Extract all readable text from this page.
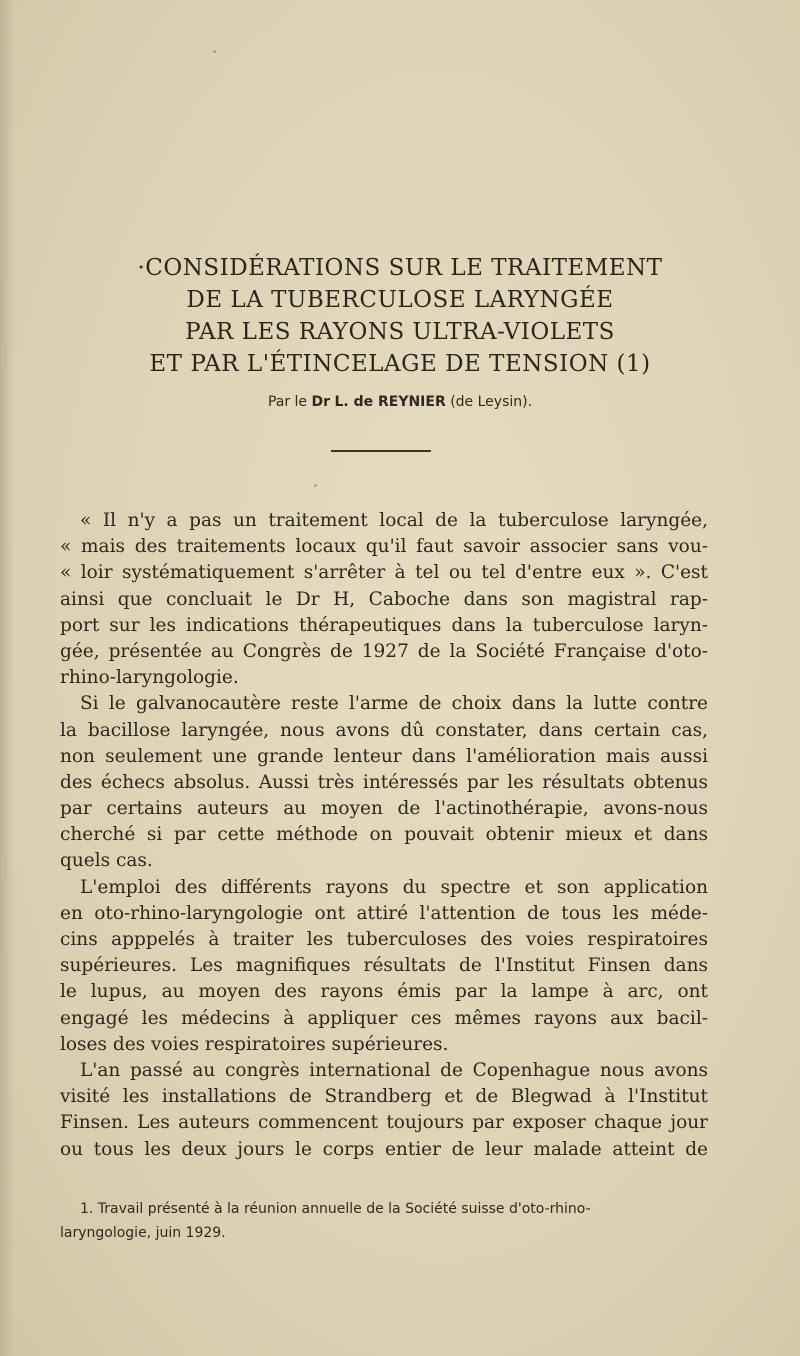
·CONSIDÉRATIONS SUR LE TRAITEMENT
DE LA TUBERCULOSE LARYNGÉE
PAR LES RAYONS ULTRA-VIOLETS
ET PAR L'ÉTINCELAGE DE TENSION (1)
Par le Dr L. de REYNIER (de Leysin).
« Il n'y a pas un traitement local de la tuberculose laryngée,
« mais des traitements locaux qu'il faut savoir associer sans vou-
« loir systématiquement s'arrêter à tel ou tel d'entre eux ». C'est
ainsi que concluait le Dr H, Caboche dans son magistral rap-
port sur les indications thérapeutiques dans la tuberculose laryn-
gée, présentée au Congrès de 1927 de la Société Française d'oto-
rhino-laryngologie.
Si le galvanocautère reste l'arme de choix dans la lutte contre
la bacillose laryngée, nous avons dû constater, dans certain cas,
non seulement une grande lenteur dans l'amélioration mais aussi
des échecs absolus. Aussi très intéressés par les résultats obtenus
par certains auteurs au moyen de l'actinothérapie, avons-nous
cherché si par cette méthode on pouvait obtenir mieux et dans
quels cas.
L'emploi des différents rayons du spectre et son application
en oto-rhino-laryngologie ont attiré l'attention de tous les méde-
cins apppelés à traiter les tuberculoses des voies respiratoires
supérieures. Les magnifiques résultats de l'Institut Finsen dans
le lupus, au moyen des rayons émis par la lampe à arc, ont
engagé les médecins à appliquer ces mêmes rayons aux bacil-
loses des voies respiratoires supérieures.
L'an passé au congrès international de Copenhague nous avons
visité les installations de Strandberg et de Blegwad à l'Institut
Finsen. Les auteurs commencent toujours par exposer chaque jour
ou tous les deux jours le corps entier de leur malade atteint de
1. Travail présenté à la réunion annuelle de la Société suisse d'oto-rhino-
laryngologie, juin 1929.
